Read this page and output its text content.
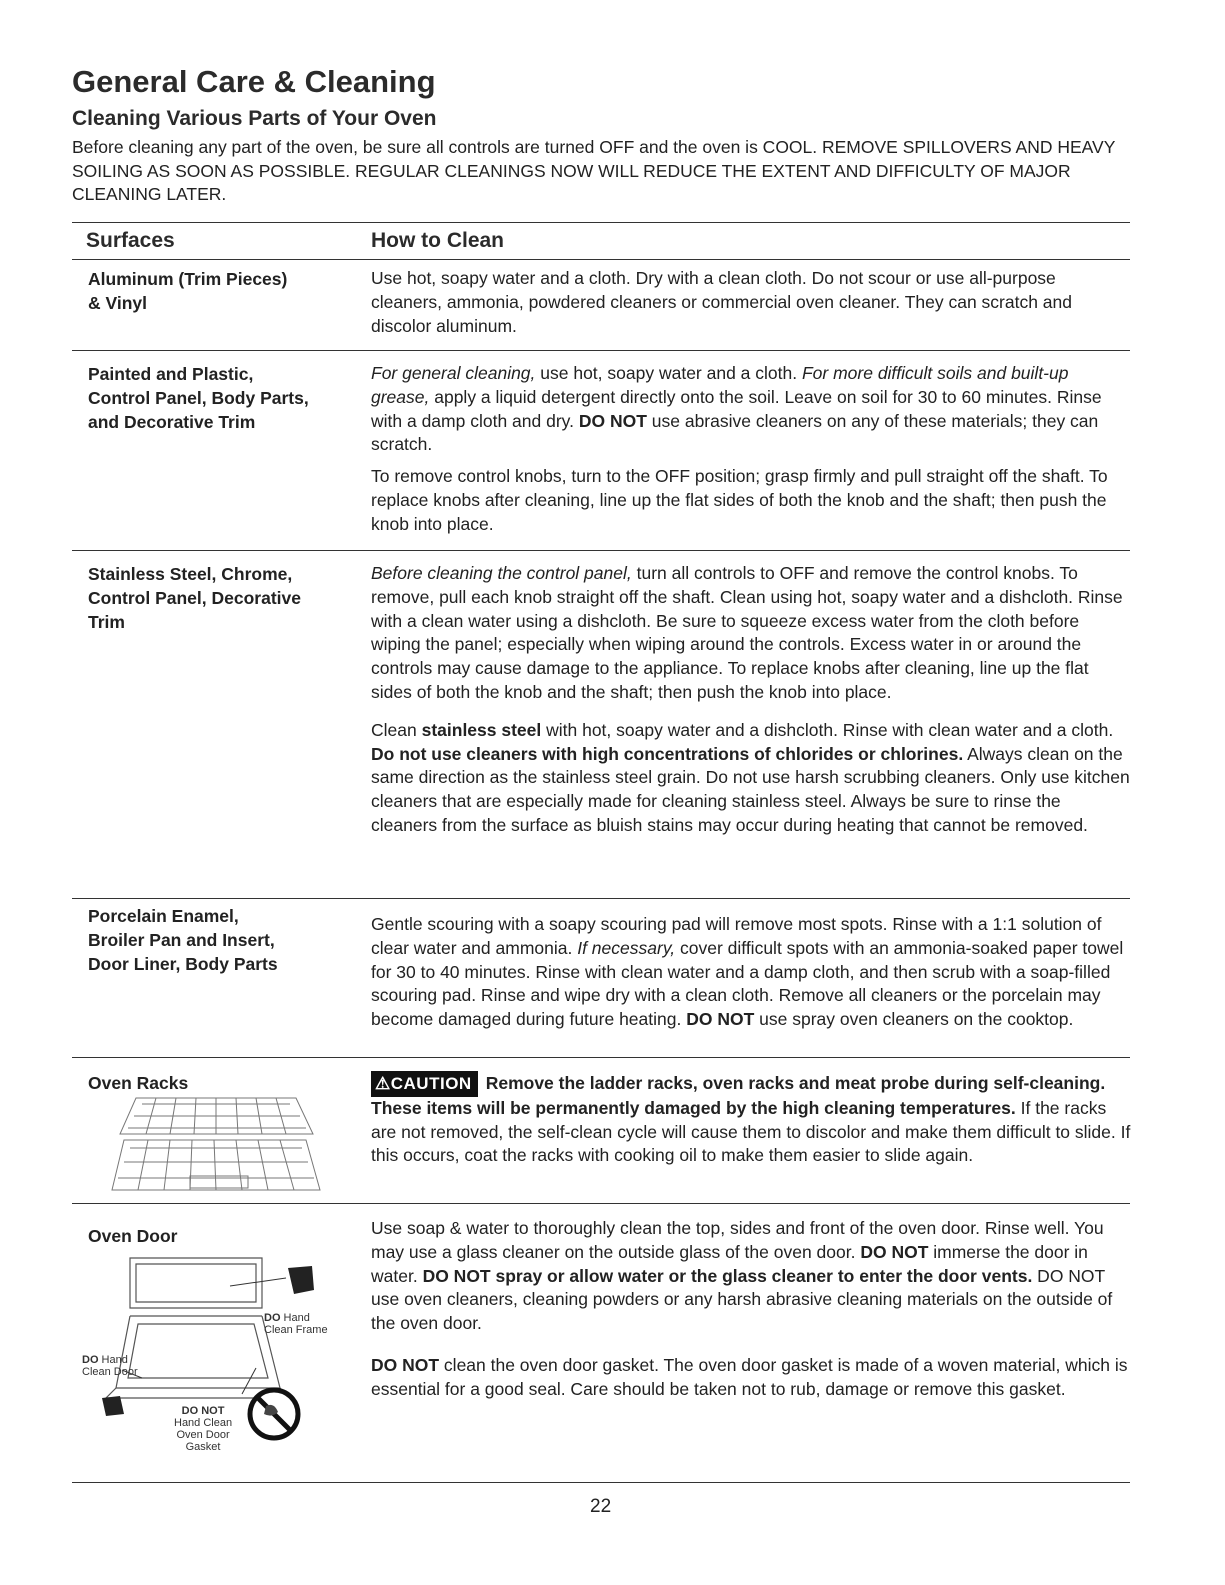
General Care & Cleaning
Cleaning Various Parts of Your Oven
Before cleaning any part of the oven, be sure all controls are turned OFF and the oven is COOL. REMOVE SPILLOVERS AND HEAVY SOILING AS SOON AS POSSIBLE. REGULAR CLEANINGS NOW WILL REDUCE THE EXTENT AND DIFFICULTY OF MAJOR CLEANING LATER.
Surfaces	How to Clean
Aluminum (Trim Pieces)
& Vinyl

Use hot, soapy water and a cloth. Dry with a clean cloth. Do not scour or use all-purpose cleaners, ammonia, powdered cleaners or commercial oven cleaner. They can scratch and discolor aluminum.

Painted and Plastic,
Control Panel, Body Parts,
and Decorative Trim

For general cleaning, use hot, soapy water and a cloth. For more difficult soils and built-up grease, apply a liquid detergent directly onto the soil. Leave on soil for 30 to 60 minutes. Rinse with a damp cloth and dry. DO NOT use abrasive cleaners on any of these materials; they can scratch.

To remove control knobs, turn to the OFF position; grasp firmly and pull straight off the shaft. To replace knobs after cleaning, line up the flat sides of both the knob and the shaft; then push the knob into place.

Stainless Steel, Chrome,
Control Panel, Decorative
Trim

Before cleaning the control panel, turn all controls to OFF and remove the control knobs. To remove, pull each knob straight off the shaft. Clean using hot, soapy water and a dishcloth. Rinse with a clean water using a dishcloth. Be sure to squeeze excess water from the cloth before wiping the panel; especially when wiping around the controls. Excess water in or around the controls may cause damage to the appliance. To replace knobs after cleaning, line up the flat sides of both the knob and the shaft; then push the knob into place.

Clean stainless steel with hot, soapy water and a dishcloth. Rinse with clean water and a cloth. Do not use cleaners with high concentrations of chlorides or chlorines. Always clean on the same direction as the stainless steel grain. Do not use harsh scrubbing cleaners. Only use kitchen cleaners that are especially made for cleaning stainless steel. Always be sure to rinse the cleaners from the surface as bluish stains may occur during heating that cannot be removed.

Porcelain Enamel,
Broiler Pan and Insert,
Door Liner, Body Parts

Gentle scouring with a soapy scouring pad will remove most spots. Rinse with a 1:1 solution of clear water and ammonia. If necessary, cover difficult spots with an ammonia-soaked paper towel for 30 to 40 minutes. Rinse with clean water and a damp cloth, and then scrub with a soap-filled scouring pad. Rinse and wipe dry with a clean cloth. Remove all cleaners or the porcelain may become damaged during future heating. DO NOT use spray oven cleaners on the cooktop.

Oven Racks	⚠CAUTION Remove the ladder racks, oven racks and meat probe during self-cleaning. These items will be permanently damaged by the high cleaning temperatures. If the racks are not removed, the self-clean cycle will cause them to discolor and make them difficult to slide. If this occurs, coat the racks with cooking oil to make them easier to slide again.

Oven Door
DO Hand
Clean Frame
DO Hand
Clean Door
DO NOT
Hand Clean
Oven Door
Gasket

Use soap & water to thoroughly clean the top, sides and front of the oven door. Rinse well. You may use a glass cleaner on the outside glass of the oven door. DO NOT immerse the door in water. DO NOT spray or allow water or the glass cleaner to enter the door vents. DO NOT use oven cleaners, cleaning powders or any harsh abrasive cleaning materials on the outside of the oven door.

DO NOT clean the oven door gasket. The oven door gasket is made of a woven material, which is essential for a good seal. Care should be taken not to rub, damage or remove this gasket.

22
